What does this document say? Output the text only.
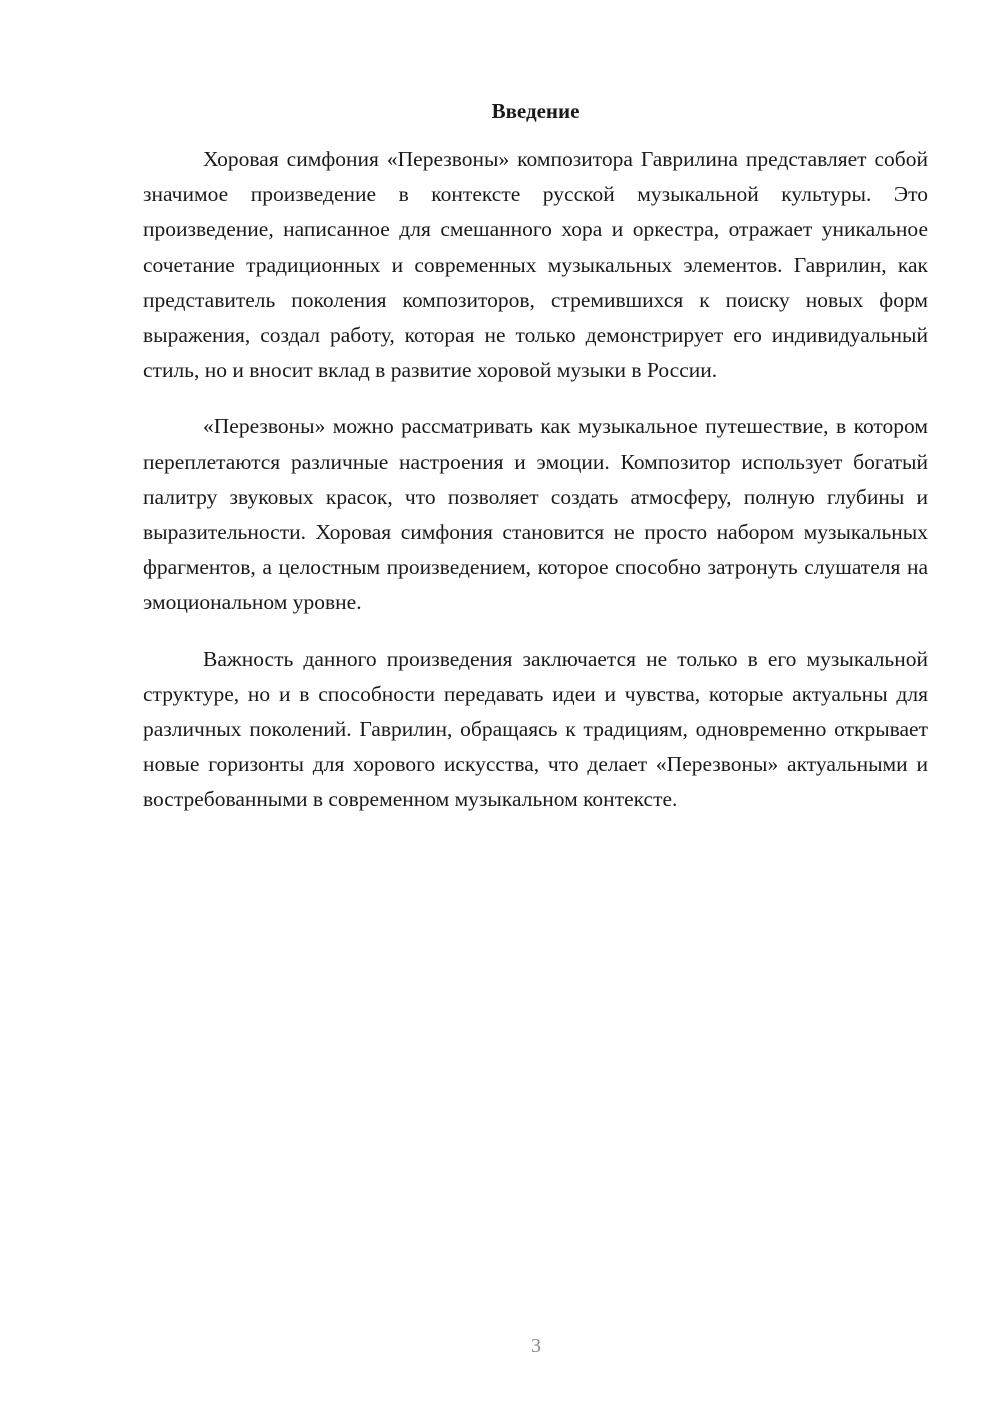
Введение

Хоровая симфония «Перезвоны» композитора Гаврилина представляет собой значимое произведение в контексте русской музыкальной культуры. Это произведение, написанное для смешанного хора и оркестра, отражает уникальное сочетание традиционных и современных музыкальных элементов. Гаврилин, как представитель поколения композиторов, стремившихся к поиску новых форм выражения, создал работу, которая не только демонстрирует его индивидуальный стиль, но и вносит вклад в развитие хоровой музыки в России.

«Перезвоны» можно рассматривать как музыкальное путешествие, в котором переплетаются различные настроения и эмоции. Композитор использует богатый палитру звуковых красок, что позволяет создать атмосферу, полную глубины и выразительности. Хоровая симфония становится не просто набором музыкальных фрагментов, а целостным произведением, которое способно затронуть слушателя на эмоциональном уровне.

Важность данного произведения заключается не только в его музыкальной структуре, но и в способности передавать идеи и чувства, которые актуальны для различных поколений. Гаврилин, обращаясь к традициям, одновременно открывает новые горизонты для хорового искусства, что делает «Перезвоны» актуальными и востребованными в современном музыкальном контексте.

3
